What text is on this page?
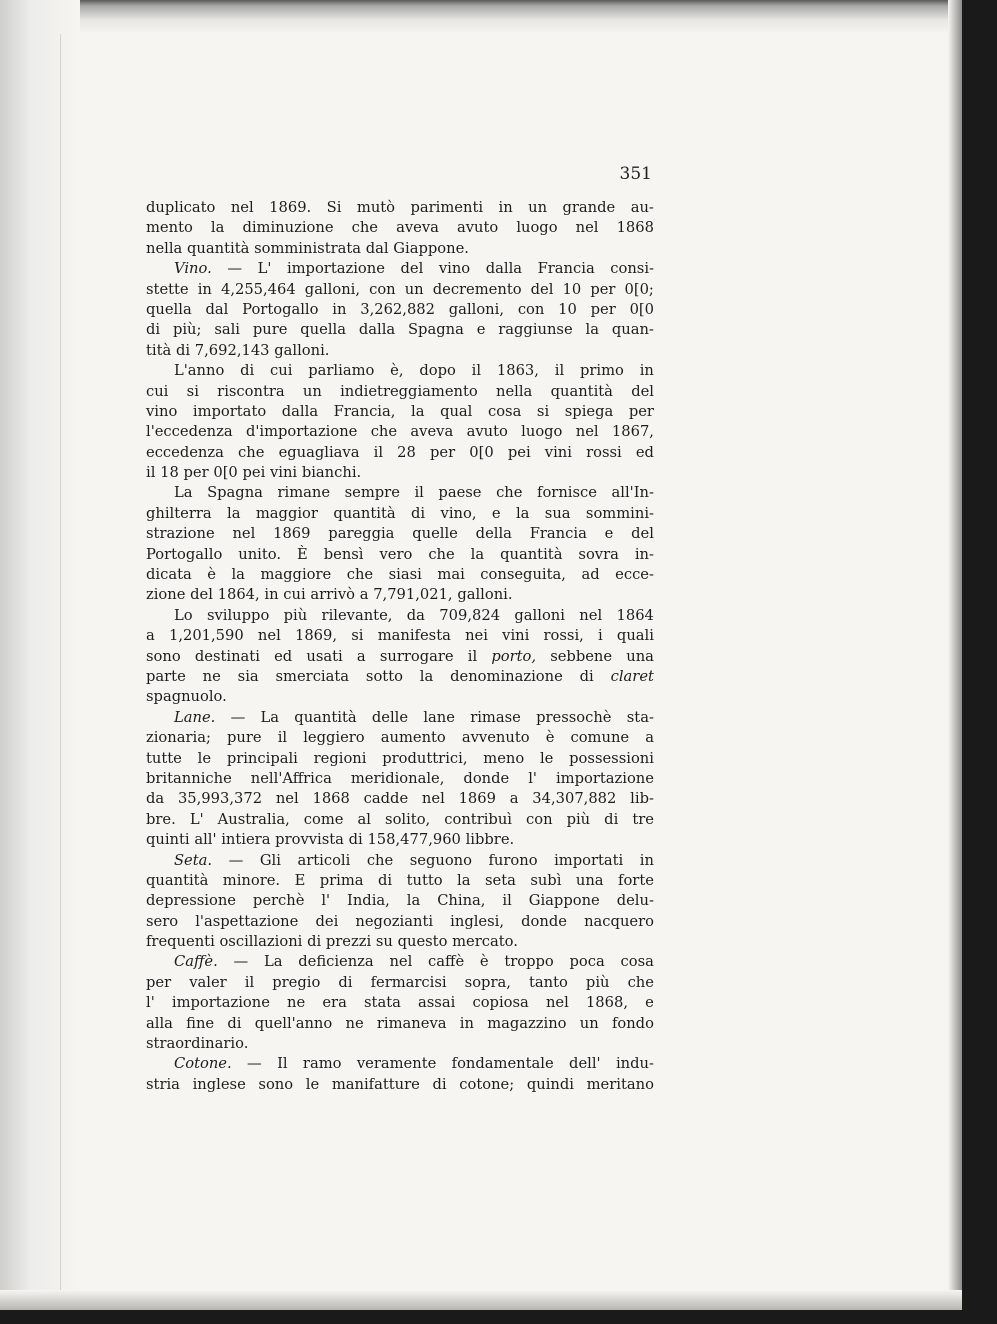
351

duplicato nel 1869. Si mutò parimenti in un grande au-
mento la diminuzione che aveva avuto luogo nel 1868
nella quantità somministrata dal Giappone.
Vino. — L' importazione del vino dalla Francia consi-
stette in 4,255,464 galloni, con un decremento del 10 per 0[0;
quella dal Portogallo in 3,262,882 galloni, con 10 per 0[0
di più; sali pure quella dalla Spagna e raggiunse la quan-
tità di 7,692,143 galloni.
L'anno di cui parliamo è, dopo il 1863, il primo in
cui si riscontra un indietreggiamento nella quantità del
vino importato dalla Francia, la qual cosa si spiega per
l'eccedenza d'importazione che aveva avuto luogo nel 1867,
eccedenza che eguagliava il 28 per 0[0 pei vini rossi ed
il 18 per 0[0 pei vini bianchi.
La Spagna rimane sempre il paese che fornisce all'In-
ghilterra la maggior quantità di vino, e la sua sommini-
strazione nel 1869 pareggia quelle della Francia e del
Portogallo unito. È bensì vero che la quantità sovra in-
dicata è la maggiore che siasi mai conseguita, ad ecce-
zione del 1864, in cui arrivò a 7,791,021, galloni.
Lo sviluppo più rilevante, da 709,824 galloni nel 1864
a 1,201,590 nel 1869, si manifesta nei vini rossi, i quali
sono destinati ed usati a surrogare il porto, sebbene una
parte ne sia smerciata sotto la denominazione di claret
spagnuolo.
Lane. — La quantità delle lane rimase pressochè sta-
zionaria; pure il leggiero aumento avvenuto è comune a
tutte le principali regioni produttrici, meno le possessioni
britanniche nell'Affrica meridionale, donde l' importazione
da 35,993,372 nel 1868 cadde nel 1869 a 34,307,882 lib-
bre. L' Australia, come al solito, contribuì con più di tre
quinti all' intiera provvista di 158,477,960 libbre.
Seta. — Gli articoli che seguono furono importati in
quantità minore. E prima di tutto la seta subì una forte
depressione perchè l' India, la China, il Giappone delu-
sero l'aspettazione dei negozianti inglesi, donde nacquero
frequenti oscillazioni di prezzi su questo mercato.
Caffè. — La deficienza nel caffè è troppo poca cosa
per valer il pregio di fermarcisi sopra, tanto più che
l' importazione ne era stata assai copiosa nel 1868, e
alla fine di quell'anno ne rimaneva in magazzino un fondo
straordinario.
Cotone. — Il ramo veramente fondamentale dell' indu-
stria inglese sono le manifatture di cotone; quindi meritano
